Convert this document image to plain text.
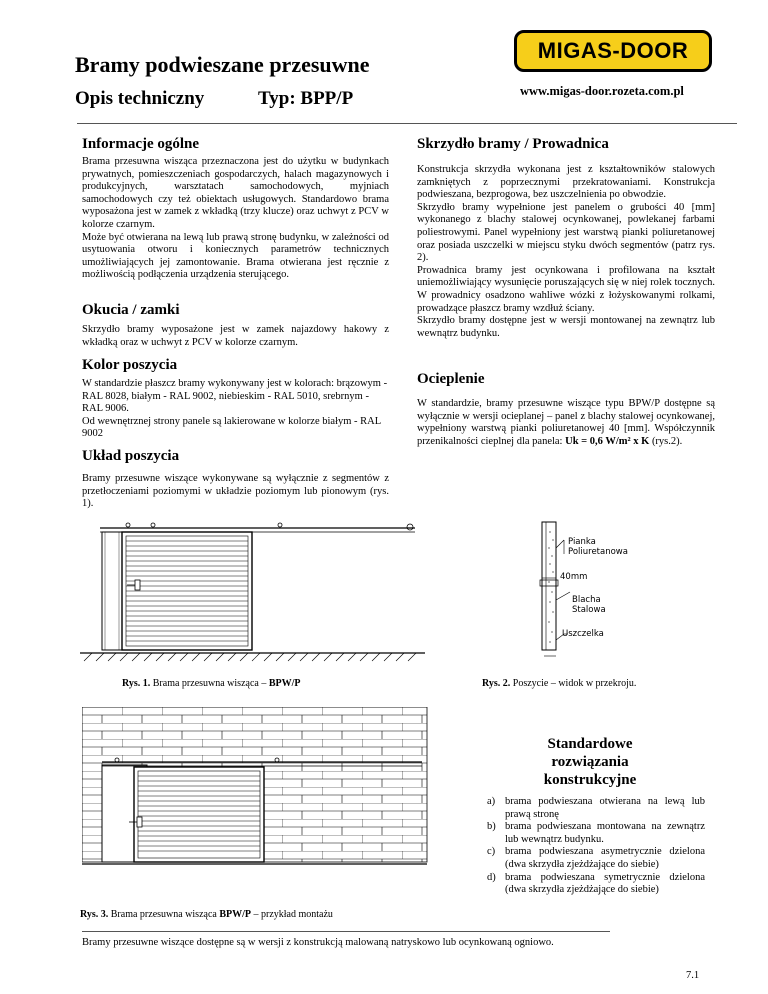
Bramy podwieszane przesuwne
Opis techniczny	Typ: BPP/P
MIGAS-DOOR
www.migas-door.rozeta.com.pl
Informacje ogólne

Brama przesuwna wisząca przeznaczona jest do użytku w budynkach prywatnych, pomieszczeniach gospodarczych, halach magazynowych i produkcyjnych, warsztatach samochodowych, myjniach samochodowych czy też obiektach usługowych. Standardowo brama wyposażona jest w zamek z wkładką (trzy klucze) oraz uchwyt z PCV w kolorze czarnym.
Może być otwierana na lewą lub prawą stronę budynku, w zależności od usytuowania otworu i koniecznych parametrów technicznych umożliwiających jej zamontowanie. Brama otwierana jest ręcznie z możliwością podłączenia urządzenia sterującego.

Okucia / zamki

Skrzydło bramy wyposażone jest w zamek najazdowy hakowy z wkładką oraz w uchwyt z PCV w kolorze czarnym.

Kolor poszycia

W standardzie płaszcz bramy wykonywany jest w kolorach: brązowym - RAL 8028, białym - RAL 9002, niebieskim - RAL 5010, srebrnym - RAL 9006.
Od wewnętrznej strony panele są lakierowane w kolorze białym - RAL 9002

Układ poszycia

Bramy przesuwne wiszące wykonywane są wyłącznie z segmentów z przetłoczeniami poziomymi w układzie poziomym lub pionowym (rys. 1).

Skrzydło bramy / Prowadnica

Konstrukcja skrzydła wykonana jest z kształtowników stalowych zamkniętych z poprzecznymi przekratowaniami. Konstrukcja podwieszana, bezprogowa, bez uszczelnienia po obwodzie.
Skrzydło bramy wypełnione jest panelem o grubości 40 [mm] wykonanego z blachy stalowej ocynkowanej, powlekanej farbami poliestrowymi. Panel wypełniony jest warstwą pianki poliuretanowej oraz posiada uszczelki w miejscu styku dwóch segmentów (patrz rys. 2).
Prowadnica bramy jest ocynkowana i profilowana na kształt uniemożliwiający wysunięcie poruszających się w niej rolek tocznych. W prowadnicy osadzono wahliwe wózki z łożyskowanymi rolkami, prowadzące płaszcz bramy wzdłuż ściany.
Skrzydło bramy dostępne jest w wersji montowanej na zewnątrz lub wewnątrz budynku.

Ocieplenie

W standardzie, bramy przesuwne wiszące typu BPW/P dostępne są wyłącznie w wersji ocieplanej – panel z blachy stalowej ocynkowanej, wypełniony warstwą pianki poliuretanowej 40 [mm]. Współczynnik przenikalności cieplnej dla panela: Uk = 0,6 W/m² x K (rys.2).

Rys. 1. Brama przesuwna wisząca – BPW/P
Pianka
Poliuretanowa
40mm
Blacha
Stalowa
Uszczelka
Rys. 2. Poszycie – widok w przekroju.
Rys. 3. Brama przesuwna wisząca BPW/P – przykład montażu
Standardowe rozwiązania konstrukcyjne
a) brama podwieszana otwierana na lewą lub prawą stronę
b) brama podwieszana montowana na zewnątrz lub wewnątrz budynku.
c) brama podwieszana asymetrycznie dzielona (dwa skrzydła zjeżdżające do siebie)
d) brama podwieszana symetrycznie dzielona (dwa skrzydła zjeżdżające do siebie)
Bramy przesuwne wiszące dostępne są w wersji z konstrukcją malowaną natryskowo lub ocynkowaną ogniowo.
7.1
